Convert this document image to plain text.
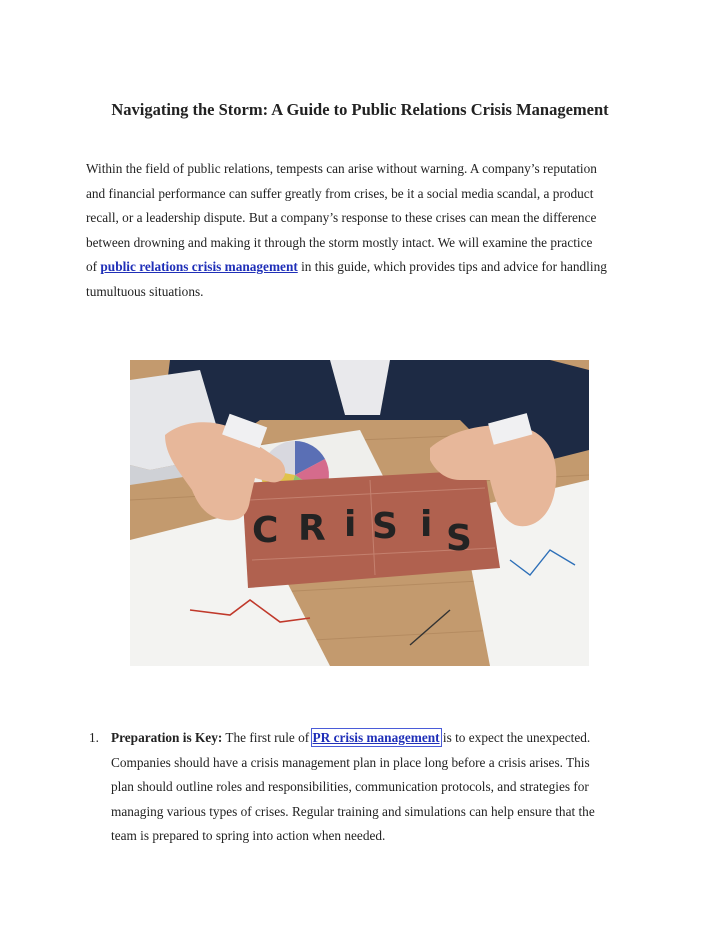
Navigating the Storm: A Guide to Public Relations Crisis Management

Within the field of public relations, tempests can arise without warning. A company’s reputation
and financial performance can suffer greatly from crises, be it a social media scandal, a product
recall, or a leadership dispute. But a company’s response to these crises can mean the difference
between drowning and making it through the storm mostly intact. We will examine the practice
of public relations crisis management in this guide, which provides tips and advice for handling
tumultuous situations.

C R i S i S
1. Preparation is Key: The first rule of PR crisis management is to expect the unexpected.
Companies should have a crisis management plan in place long before a crisis arises. This
plan should outline roles and responsibilities, communication protocols, and strategies for
managing various types of crises. Regular training and simulations can help ensure that the
team is prepared to spring into action when needed.
